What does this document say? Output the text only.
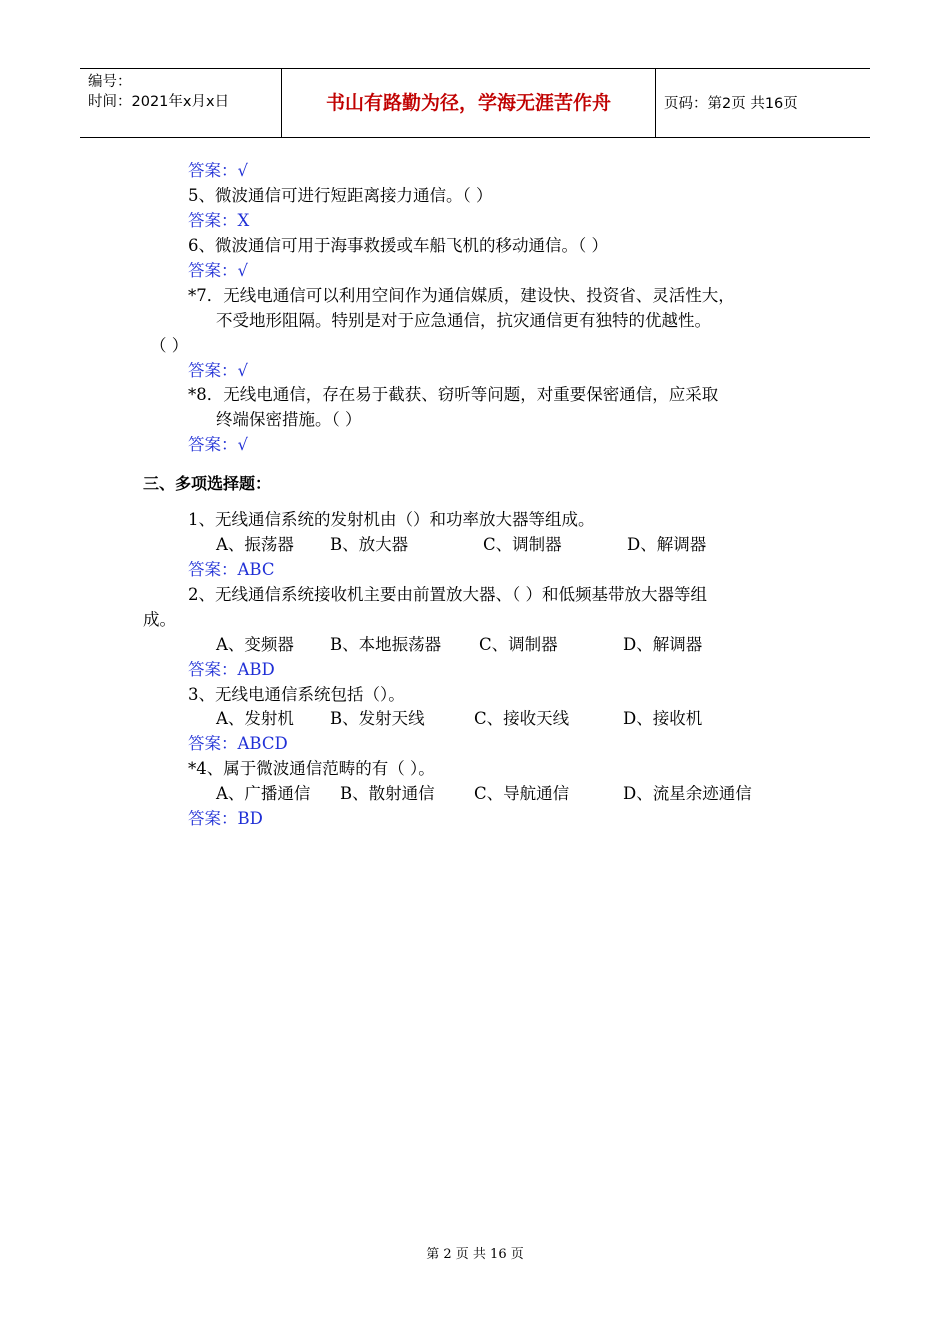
编号：
时间：2021年x月x日	书山有路勤为径，学海无涯苦作舟	页码：第2页 共16页
答案：√
5、微波通信可进行短距离接力通信。（ ）
答案：X
6、微波通信可用于海事救援或车船飞机的移动通信。（ ）
答案：√
*7．无线电通信可以利用空间作为通信媒质，建设快、投资省、灵活性大，
不受地形阻隔。特别是对于应急通信，抗灾通信更有独特的优越性。
（ ）
答案：√
*8．无线电通信，存在易于截获、窃听等问题，对重要保密通信，应采取
终端保密措施。（ ）
答案：√
三、多项选择题：
1、无线通信系统的发射机由（）和功率放大器等组成。
A、振荡器 B、放大器	C、调制器	D、解调器
答案：ABC
2、无线通信系统接收机主要由前置放大器、（ ）和低频基带放大器等组
成。
A、变频器 B、本地振荡器 C、调制器	D、解调器
答案：ABD
3、无线电通信系统包括（）。
A、发射机 B、发射天线	C、接收天线	D、接收机
答案：ABCD
*4、属于微波通信范畴的有（ ）。
A、广播通信 B、散射通信 C、导航通信	D、流星余迹通信
答案：BD
第 2 页 共 16 页
